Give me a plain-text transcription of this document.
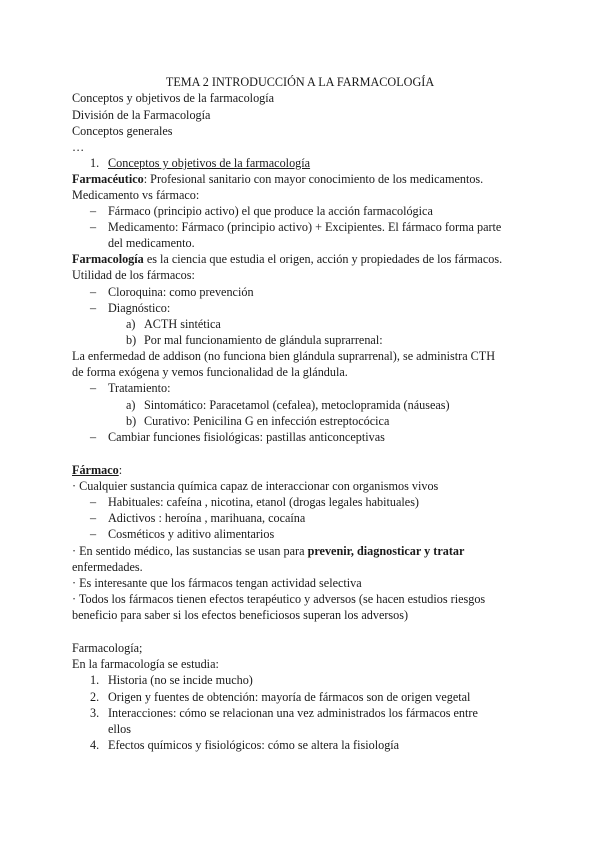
TEMA 2 INTRODUCCIÓN A LA FARMACOLOGÍA
Conceptos y objetivos de la farmacología
División de la Farmacología
Conceptos generales
…
1. Conceptos y objetivos de la farmacología
Farmacéutico: Profesional sanitario con mayor conocimiento de los medicamentos.
Medicamento vs fármaco:
– Fármaco (principio activo) el que produce la acción farmacológica
– Medicamento: Fármaco (principio activo) + Excipientes. El fármaco forma parte
del medicamento.
Farmacología es la ciencia que estudia el origen, acción y propiedades de los fármacos.
Utilidad de los fármacos:
– Cloroquina: como prevención
– Diagnóstico:
a) ACTH sintética
b) Por mal funcionamiento de glándula suprarrenal:
La enfermedad de addison (no funciona bien glándula suprarrenal), se administra CTH
de forma exógena y vemos funcionalidad de la glándula.
– Tratamiento:
a) Sintomático: Paracetamol (cefalea), metoclopramida (náuseas)
b) Curativo: Penicilina G en infección estreptocócica
– Cambiar funciones fisiológicas: pastillas anticonceptivas
Fármaco:
· Cualquier sustancia química capaz de interaccionar con organismos vivos
– Habituales: cafeína , nicotina, etanol (drogas legales habituales)
– Adictivos : heroína , marihuana, cocaína
– Cosméticos y aditivo alimentarios
· En sentido médico, las sustancias se usan para prevenir, diagnosticar y tratar
enfermedades.
· Es interesante que los fármacos tengan actividad selectiva
· Todos los fármacos tienen efectos terapéutico y adversos (se hacen estudios riesgos
beneficio para saber si los efectos beneficiosos superan los adversos)
Farmacología;
En la farmacología se estudia:
1. Historia (no se incide mucho)
2. Origen y fuentes de obtención: mayoría de fármacos son de origen vegetal
3. Interacciones: cómo se relacionan una vez administrados los fármacos entre
ellos
4. Efectos químicos y fisiológicos: cómo se altera la fisiología
